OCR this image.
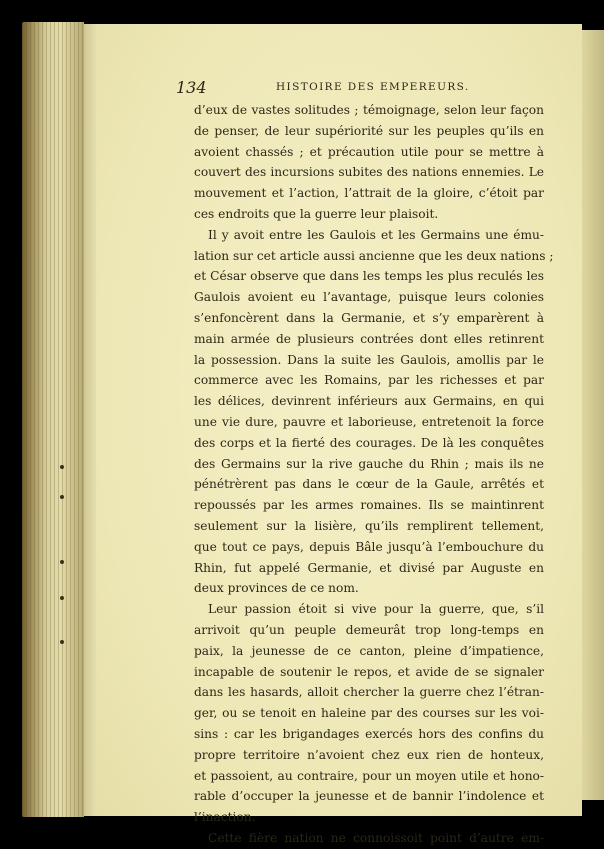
134	HISTOIRE DES EMPEREURS.
d’eux de vastes solitudes ; témoignage, selon leur façon
de penser, de leur supériorité sur les peuples qu’ils en
avoient chassés ; et précaution utile pour se mettre à
couvert des incursions subites des nations ennemies. Le
mouvement et l’action, l’attrait de la gloire, c’étoit par
ces endroits que la guerre leur plaisoit.
Il y avoit entre les Gaulois et les Germains une ému-
lation sur cet article aussi ancienne que les deux nations ;
et César observe que dans les temps les plus reculés les
Gaulois avoient eu l’avantage, puisque leurs colonies
s’enfoncèrent dans la Germanie, et s’y emparèrent à
main armée de plusieurs contrées dont elles retinrent
la possession. Dans la suite les Gaulois, amollis par le
commerce avec les Romains, par les richesses et par
les délices, devinrent inférieurs aux Germains, en qui
une vie dure, pauvre et laborieuse, entretenoit la force
des corps et la fierté des courages. De là les conquêtes
des Germains sur la rive gauche du Rhin ; mais ils ne
pénétrèrent pas dans le cœur de la Gaule, arrêtés et
repoussés par les armes romaines. Ils se maintinrent
seulement sur la lisière, qu’ils remplirent tellement,
que tout ce pays, depuis Bâle jusqu’à l’embouchure du
Rhin, fut appelé Germanie, et divisé par Auguste en
deux provinces de ce nom.
Leur passion étoit si vive pour la guerre, que, s’il
arrivoit qu’un peuple demeurât trop long-temps en
paix, la jeunesse de ce canton, pleine d’impatience,
incapable de soutenir le repos, et avide de se signaler
dans les hasards, alloit chercher la guerre chez l’étran-
ger, ou se tenoit en haleine par des courses sur les voi-
sins : car les brigandages exercés hors des confins du
propre territoire n’avoient chez eux rien de honteux,
et passoient, au contraire, pour un moyen utile et hono-
rable d’occuper la jeunesse et de bannir l’indolence et
l’inaction.
Cette fière nation ne connoissoit point d’autre em-
